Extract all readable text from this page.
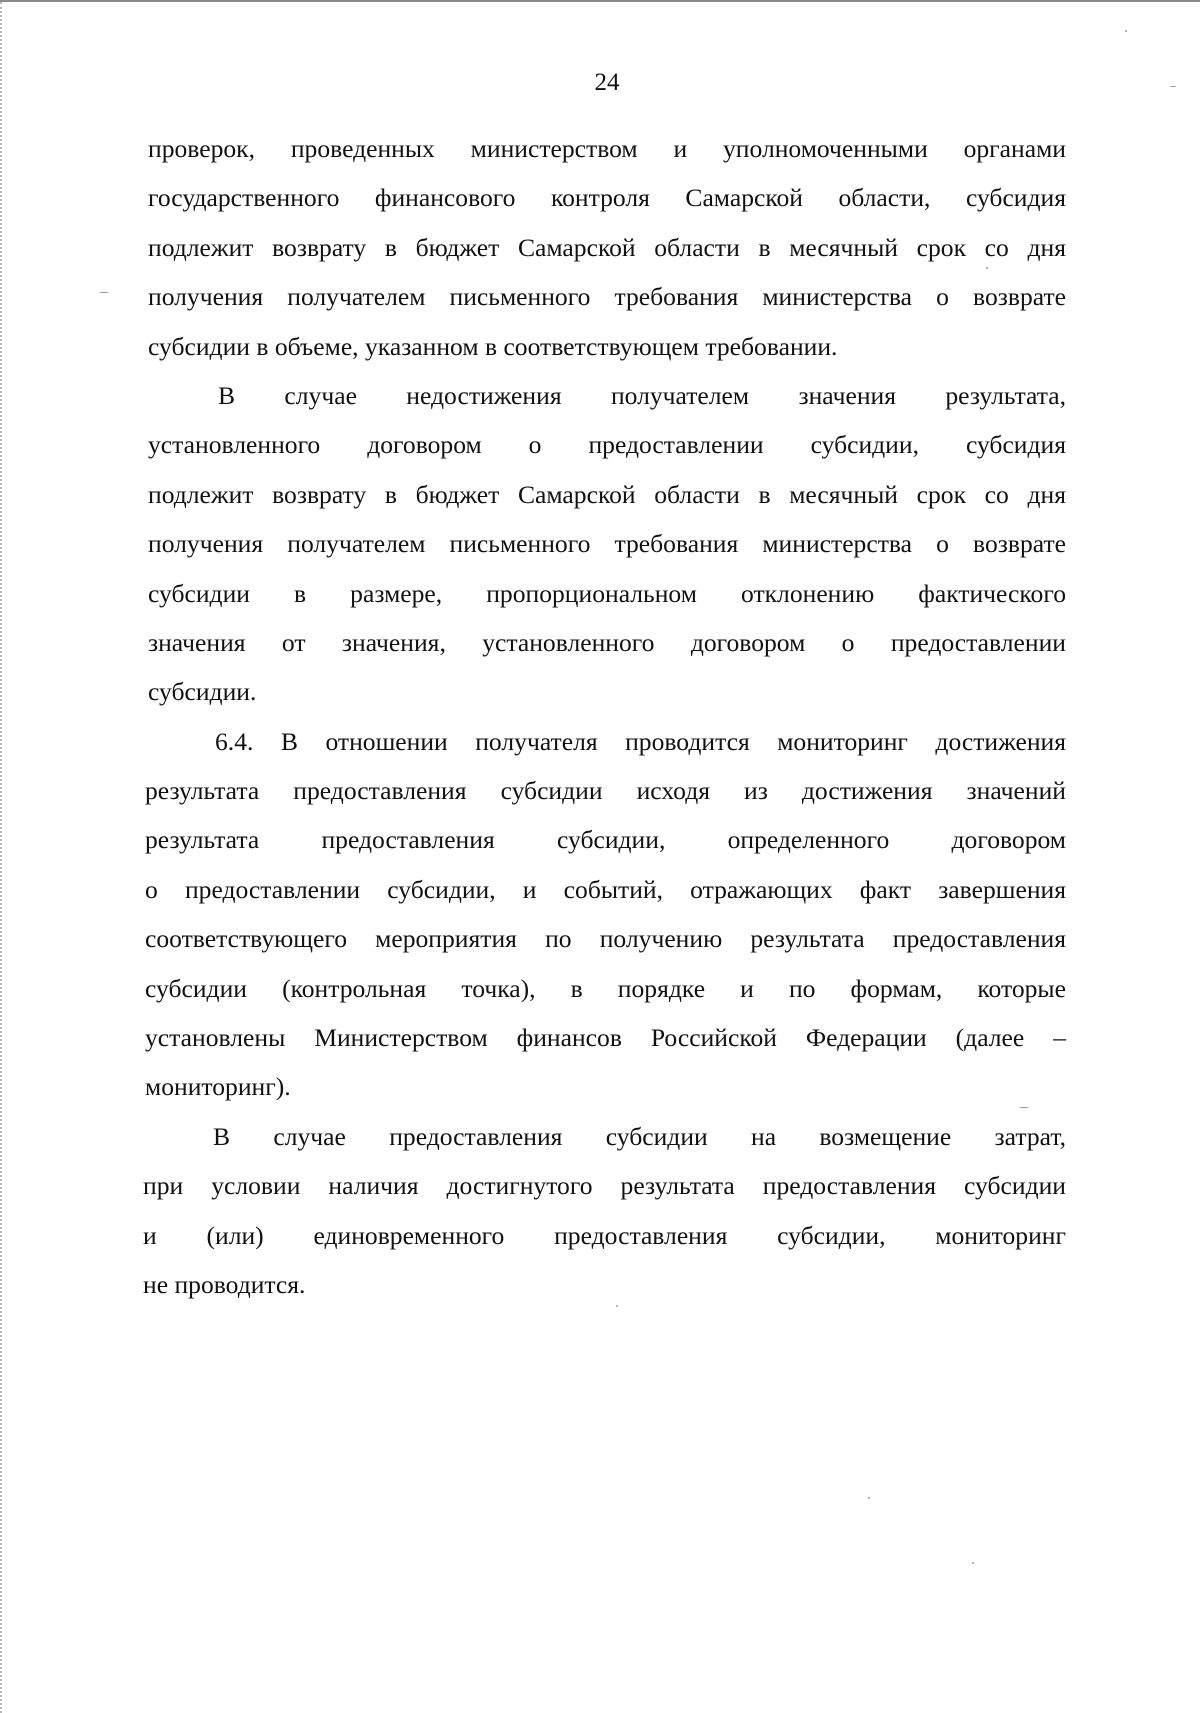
24
проверок, проведенных министерством и уполномоченными органами
государственного финансового контроля Самарской области, субсидия
подлежит возврату в бюджет Самарской области в месячный срок со дня
получения получателем письменного требования министерства о возврате
субсидии в объеме, указанном в соответствующем требовании.
В случае недостижения получателем значения результата,
установленного договором о предоставлении субсидии, субсидия
подлежит возврату в бюджет Самарской области в месячный срок со дня
получения получателем письменного требования министерства о возврате
субсидии в размере, пропорциональном отклонению фактического
значения от значения, установленного договором о предоставлении
субсидии.
6.4. В отношении получателя проводится мониторинг достижения
результата предоставления субсидии исходя из достижения значений
результата предоставления субсидии, определенного договором
о предоставлении субсидии, и событий, отражающих факт завершения
соответствующего мероприятия по получению результата предоставления
субсидии (контрольная точка), в порядке и по формам, которые
установлены Министерством финансов Российской Федерации (далее –
мониторинг).
В случае предоставления субсидии на возмещение затрат,
при условии наличия достигнутого результата предоставления субсидии
и (или) единовременного предоставления субсидии, мониторинг
не проводится.
